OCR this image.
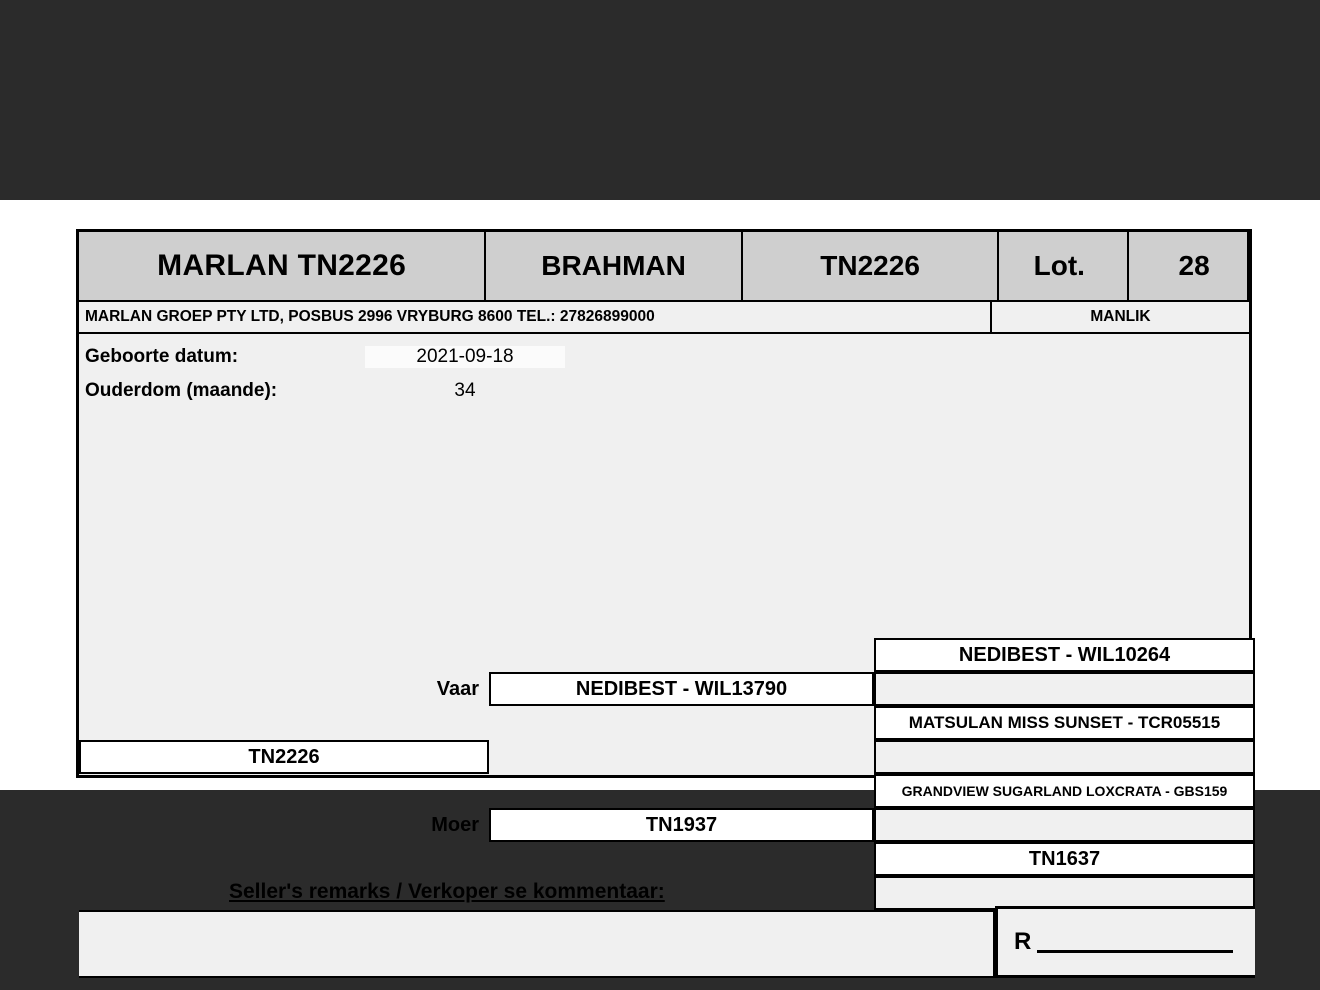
MARLAN TN2226	BRAHMAN	TN2226	Lot.	28
MARLAN GROEP PTY LTD, POSBUS 2996 VRYBURG 8600 TEL.: 27826899000	MANLIK
Geboorte datum:	2021-09-18
Ouderdom (maande):	34
TN2226
Vaar	NEDIBEST - WIL13790
Moer	TN1937
NEDIBEST - WIL10264
MATSULAN MISS SUNSET - TCR05515
GRANDVIEW SUGARLAND LOXCRATA - GBS159
TN1637
Seller's remarks / Verkoper se kommentaar:
R
